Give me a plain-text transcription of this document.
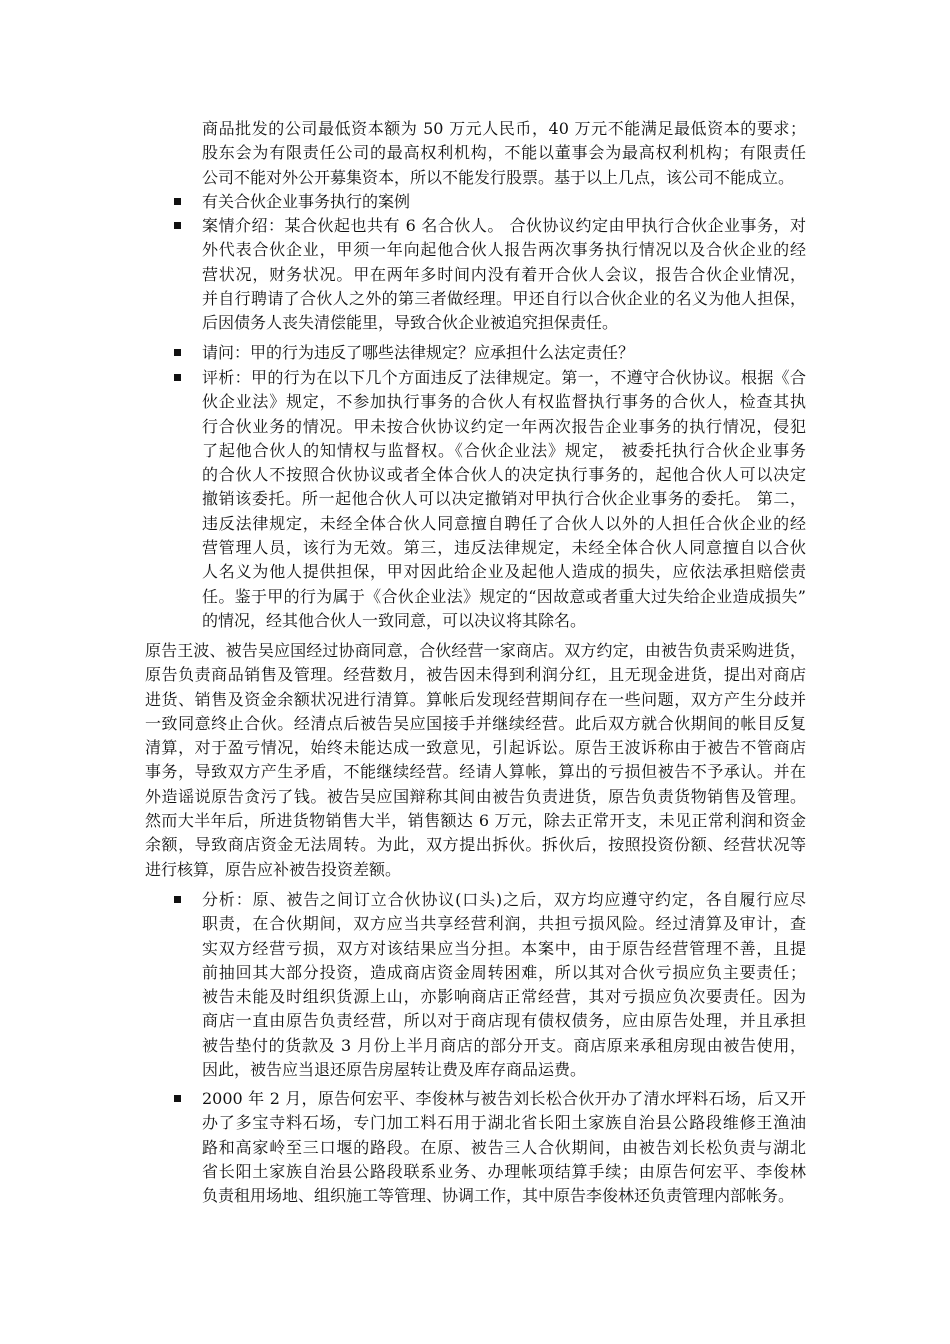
商品批发的公司最低资本额为 50 万元人民币，40 万元不能满足最低资本的要求；
股东会为有限责任公司的最高权利机构，不能以董事会为最高权利机构；有限责任
公司不能对外公开募集资本，所以不能发行股票。基于以上几点，该公司不能成立。
有关合伙企业事务执行的案例
案情介绍：某合伙起也共有 6 名合伙人。 合伙协议约定由甲执行合伙企业事务，对
外代表合伙企业，甲须一年向起他合伙人报告两次事务执行情况以及合伙企业的经
营状况，财务状况。甲在两年多时间内没有着开合伙人会议，报告合伙企业情况，
并自行聘请了合伙人之外的第三者做经理。甲还自行以合伙企业的名义为他人担保，
后因债务人丧失清偿能里，导致合伙企业被追究担保责任。
请问：甲的行为违反了哪些法律规定？应承担什么法定责任？
评析：甲的行为在以下几个方面违反了法律规定。第一，不遵守合伙协议。根据《合
伙企业法》规定，不参加执行事务的合伙人有权监督执行事务的合伙人，检查其执
行合伙业务的情况。甲未按合伙协议约定一年两次报告企业事务的执行情况，侵犯
了起他合伙人的知情权与监督权。《合伙企业法》规定， 被委托执行合伙企业事务
的合伙人不按照合伙协议或者全体合伙人的决定执行事务的，起他合伙人可以决定
撤销该委托。所一起他合伙人可以决定撤销对甲执行合伙企业事务的委托。 第二，
违反法律规定，未经全体合伙人同意擅自聘任了合伙人以外的人担任合伙企业的经
营管理人员，该行为无效。第三，违反法律规定，未经全体合伙人同意擅自以合伙
人名义为他人提供担保，甲对因此给企业及起他人造成的损失，应依法承担赔偿责
任。鉴于甲的行为属于《合伙企业法》规定的“因故意或者重大过失给企业造成损失”
的情况，经其他合伙人一致同意，可以决议将其除名。
原告王波、被告吴应国经过协商同意，合伙经营一家商店。双方约定，由被告负责采购进货，
原告负责商品销售及管理。经营数月，被告因未得到利润分红，且无现金进货，提出对商店
进货、销售及资金余额状况进行清算。算帐后发现经营期间存在一些问题，双方产生分歧并
一致同意终止合伙。经清点后被告吴应国接手并继续经营。此后双方就合伙期间的帐目反复
清算，对于盈亏情况，始终未能达成一致意见，引起诉讼。原告王波诉称由于被告不管商店
事务，导致双方产生矛盾，不能继续经营。经请人算帐，算出的亏损但被告不予承认。并在
外造谣说原告贪污了钱。被告吴应国辩称其间由被告负责进货，原告负责货物销售及管理。
然而大半年后，所进货物销售大半，销售额达 6 万元，除去正常开支，未见正常利润和资金
余额，导致商店资金无法周转。为此，双方提出拆伙。拆伙后，按照投资份额、经营状况等
进行核算，原告应补被告投资差额。
分析：原、被告之间订立合伙协议(口头)之后，双方均应遵守约定，各自履行应尽
职责，在合伙期间，双方应当共享经营利润，共担亏损风险。经过清算及审计，查
实双方经营亏损，双方对该结果应当分担。本案中，由于原告经营管理不善，且提
前抽回其大部分投资，造成商店资金周转困难，所以其对合伙亏损应负主要责任；
被告未能及时组织货源上山，亦影响商店正常经营，其对亏损应负次要责任。因为
商店一直由原告负责经营，所以对于商店现有债权债务，应由原告处理，并且承担
被告垫付的货款及 3 月份上半月商店的部分开支。商店原来承租房现由被告使用，
因此，被告应当退还原告房屋转让费及库存商品运费。
2000 年 2 月，原告何宏平、李俊林与被告刘长松合伙开办了清水坪料石场，后又开
办了多宝寺料石场，专门加工料石用于湖北省长阳土家族自治县公路段维修王渔油
路和高家岭至三口堰的路段。在原、被告三人合伙期间，由被告刘长松负责与湖北
省长阳土家族自治县公路段联系业务、办理帐项结算手续；由原告何宏平、李俊林
负责租用场地、组织施工等管理、协调工作，其中原告李俊林还负责管理内部帐务。
